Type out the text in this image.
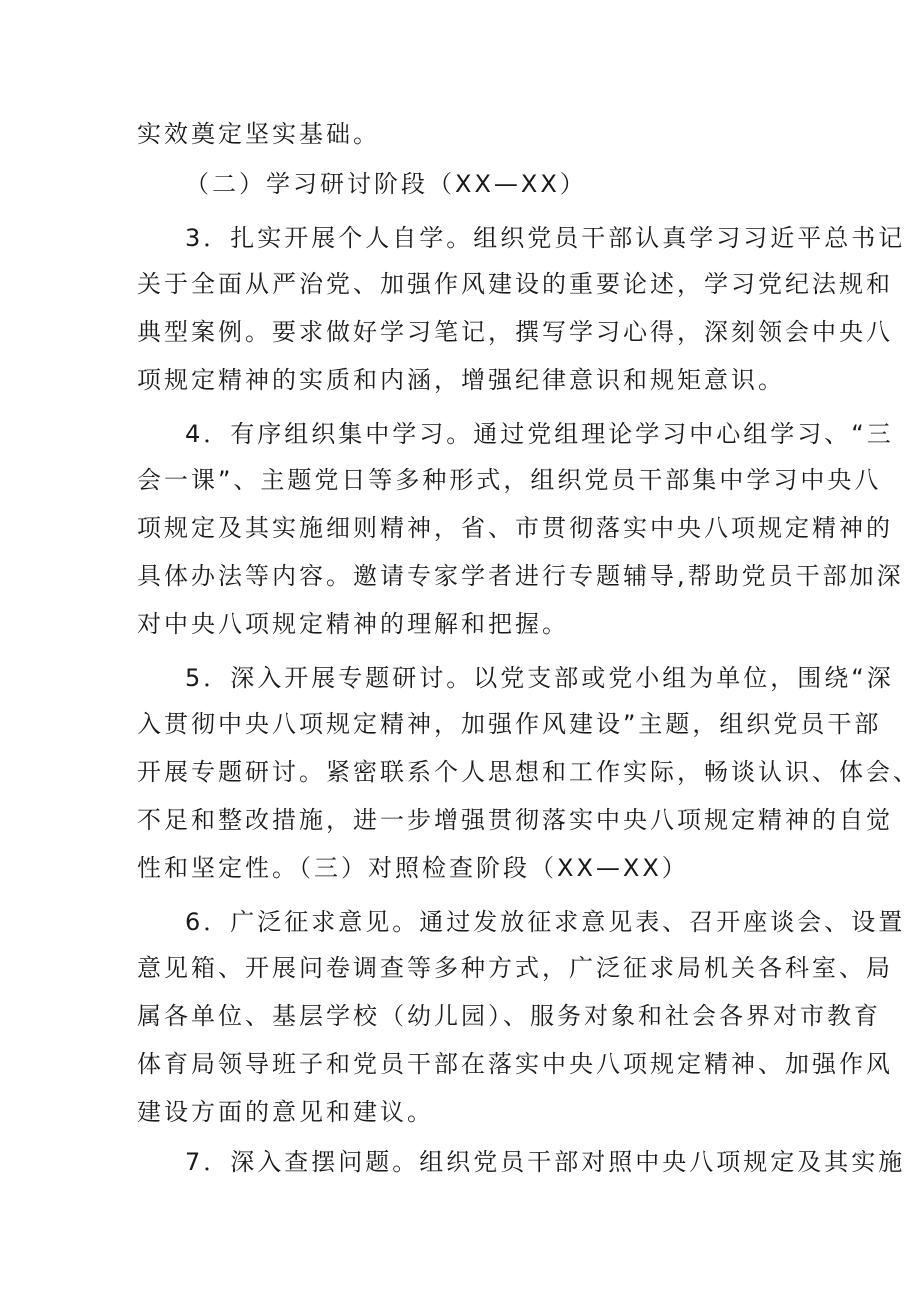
实效奠定坚实基础。
（二）学习研讨阶段（XX—XX）
3．扎实开展个人自学。组织党员干部认真学习习近平总书记
关于全面从严治党、加强作风建设的重要论述，学习党纪法规和
典型案例。要求做好学习笔记，撰写学习心得，深刻领会中央八
项规定精神的实质和内涵，增强纪律意识和规矩意识。
4．有序组织集中学习。通过党组理论学习中心组学习、“三
会一课”、主题党日等多种形式，组织党员干部集中学习中央八
项规定及其实施细则精神，省、市贯彻落实中央八项规定精神的
具体办法等内容。邀请专家学者进行专题辅导,帮助党员干部加深
对中央八项规定精神的理解和把握。
5．深入开展专题研讨。以党支部或党小组为单位，围绕“深
入贯彻中央八项规定精神，加强作风建设”主题，组织党员干部
开展专题研讨。紧密联系个人思想和工作实际，畅谈认识、体会、
不足和整改措施，进一步增强贯彻落实中央八项规定精神的自觉
性和坚定性。（三）对照检查阶段（XX—XX）
6．广泛征求意见。通过发放征求意见表、召开座谈会、设置
意见箱、开展问卷调查等多种方式，广泛征求局机关各科室、局
属各单位、基层学校（幼儿园）、服务对象和社会各界对市教育
体育局领导班子和党员干部在落实中央八项规定精神、加强作风
建设方面的意见和建议。
7．深入查摆问题。组织党员干部对照中央八项规定及其实施
